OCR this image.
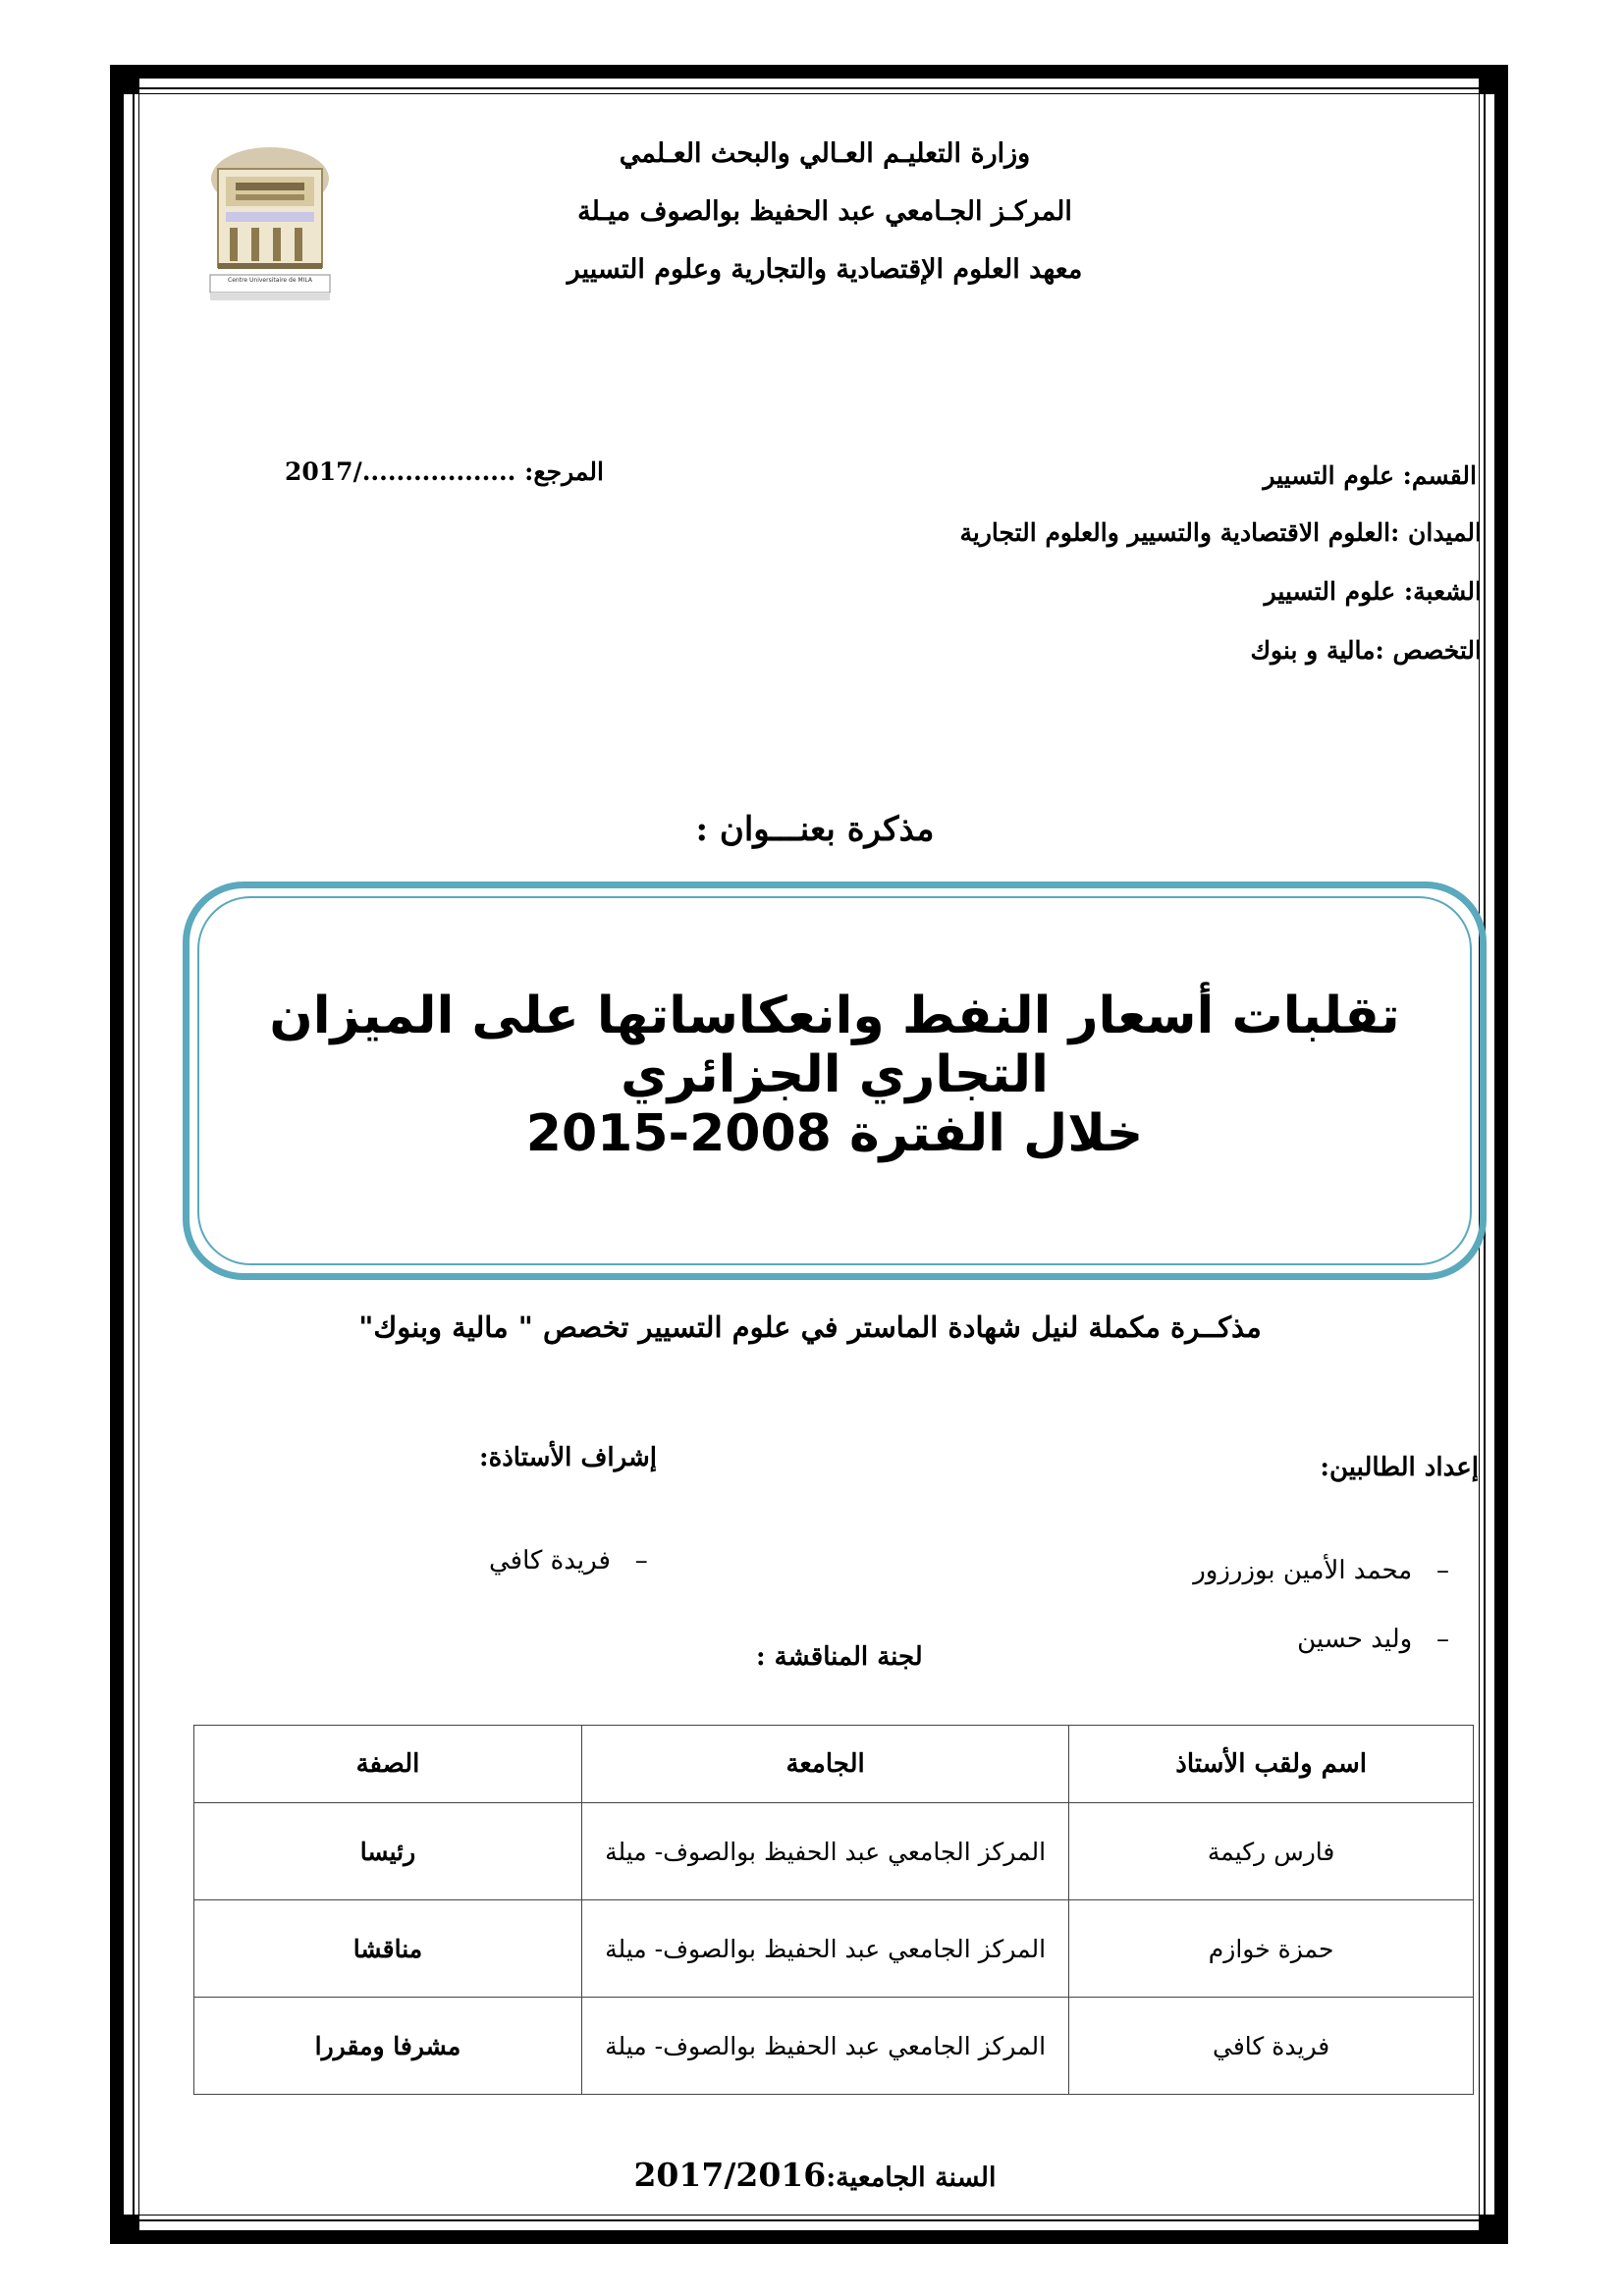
Centre Universitaire de MILA
وزارة التعليـم العـالي والبحث العـلمي
المركـز الجـامعي عبد الحفيظ بوالصوف ميـلة
معهد العلوم الإقتصادية والتجارية وعلوم التسيير
المرجع: ................../2017	القسم: علوم التسيير
الميدان :العلوم الاقتصادية والتسيير والعلوم التجارية
الشعبة: علوم التسيير
التخصص :مالية و بنوك
مذكرة بعنـــوان :
تقلبات أسعار النفط وانعكاساتها على الميزان التجاري الجزائري
خلال الفترة 2008-2015
مذكــرة مكملة لنيل شهادة الماستر في علوم التسيير تخصص " مالية وبنوك"
إعداد الطالبين:
–   محمد الأمين بوزرزور
–   وليد حسين
إشراف الأستاذة:
–   فريدة كافي
لجنة المناقشة :
اسم ولقب الأستاذ	الجامعة	الصفة
فارس ركيمة	المركز الجامعي عبد الحفيظ بوالصوف- ميلة	رئيسا
حمزة خوازم	المركز الجامعي عبد الحفيظ بوالصوف- ميلة	مناقشا
فريدة كافي	المركز الجامعي عبد الحفيظ بوالصوف- ميلة	مشرفا ومقررا
السنة الجامعية:2017/2016
